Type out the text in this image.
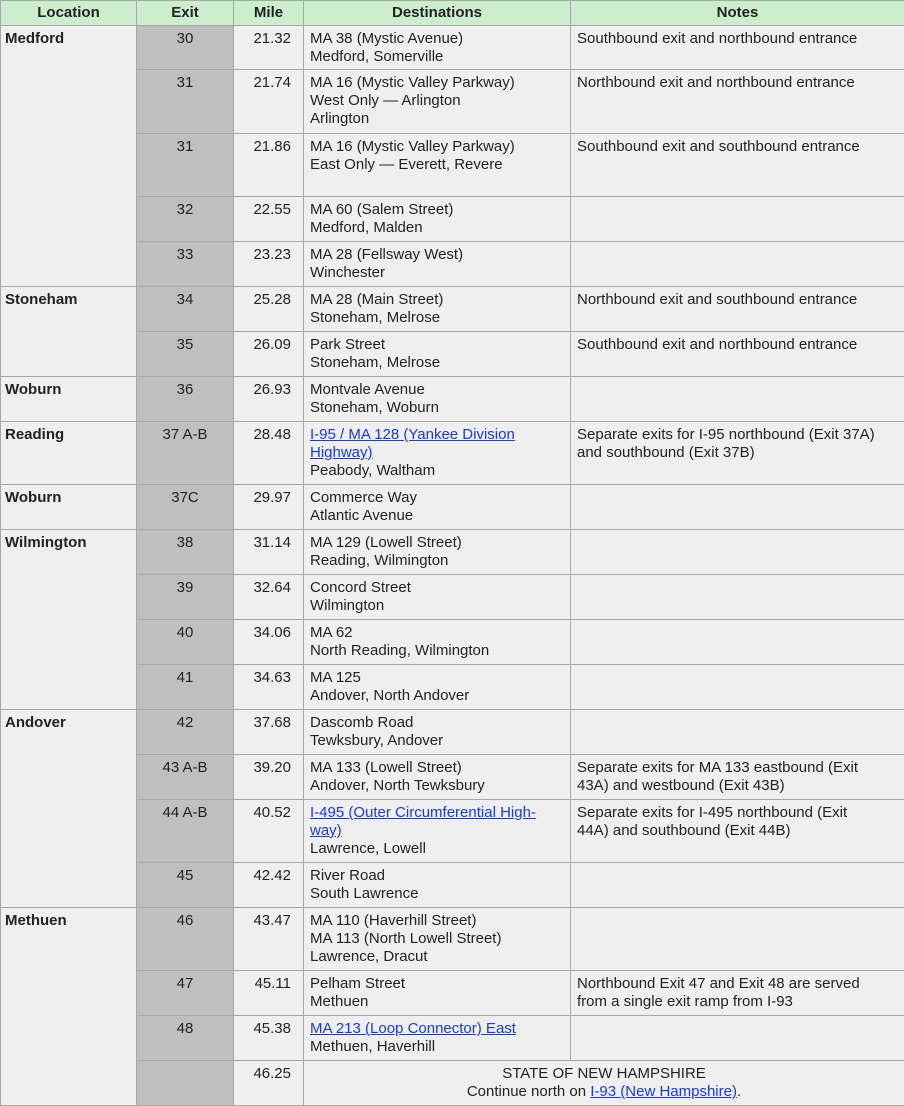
Location	Exit	Mile	Destinations	Notes
Medford	30	21.32	MA 38 (Mystic Avenue)
Medford, Somerville	Southbound exit and northbound entrance
	31	21.74	MA 16 (Mystic Valley Parkway)
West Only — Arlington
Arlington	Northbound exit and northbound entrance
	31	21.86	MA 16 (Mystic Valley Parkway)
East Only — Everett, Revere	Southbound exit and southbound entrance
	32	22.55	MA 60 (Salem Street)
Medford, Malden	

	33	23.23	MA 28 (Fellsway West)
Winchester	

Stoneham	34	25.28	MA 28 (Main Street)
Stoneham, Melrose	Northbound exit and southbound entrance
	35	26.09	Park Street
Stoneham, Melrose	Southbound exit and northbound entrance
Woburn	36	26.93	Montvale Avenue
Stoneham, Woburn	

Reading	37 A-B	28.48	I-95 / MA 128 (Yankee Division
Highway)
Peabody, Waltham	Separate exits for I-95 northbound (Exit 37A)
and southbound (Exit 37B)

Woburn	37C	29.97	Commerce Way
Atlantic Avenue	

Wilmington	38	31.14	MA 129 (Lowell Street)
Reading, Wilmington	

	39	32.64	Concord Street
Wilmington	

	40	34.06	MA 62
North Reading, Wilmington	

	41	34.63	MA 125
Andover, North Andover	

Andover	42	37.68	Dascomb Road
Tewksbury, Andover	

	43 A-B	39.20	MA 133 (Lowell Street)
Andover, North Tewksbury	Separate exits for MA 133 eastbound (Exit
43A) and westbound (Exit 43B)

	44 A-B	40.52	I-495 (Outer Circumferential High-
way)
Lawrence, Lowell	Separate exits for I-495 northbound (Exit
44A) and southbound (Exit 44B)

	45	42.42	River Road
South Lawrence	

Methuen	46	43.47	MA 110 (Haverhill Street)
MA 113 (North Lowell Street)
Lawrence, Dracut	

	47	45.11	Pelham Street
Methuen	Northbound Exit 47 and Exit 48 are served
from a single exit ramp from I-93

	48	45.38	MA 213 (Loop Connector) East
Methuen, Haverhill	

		46.25	STATE OF NEW HAMPSHIRE
Continue north on I-93 (New Hampshire).	
